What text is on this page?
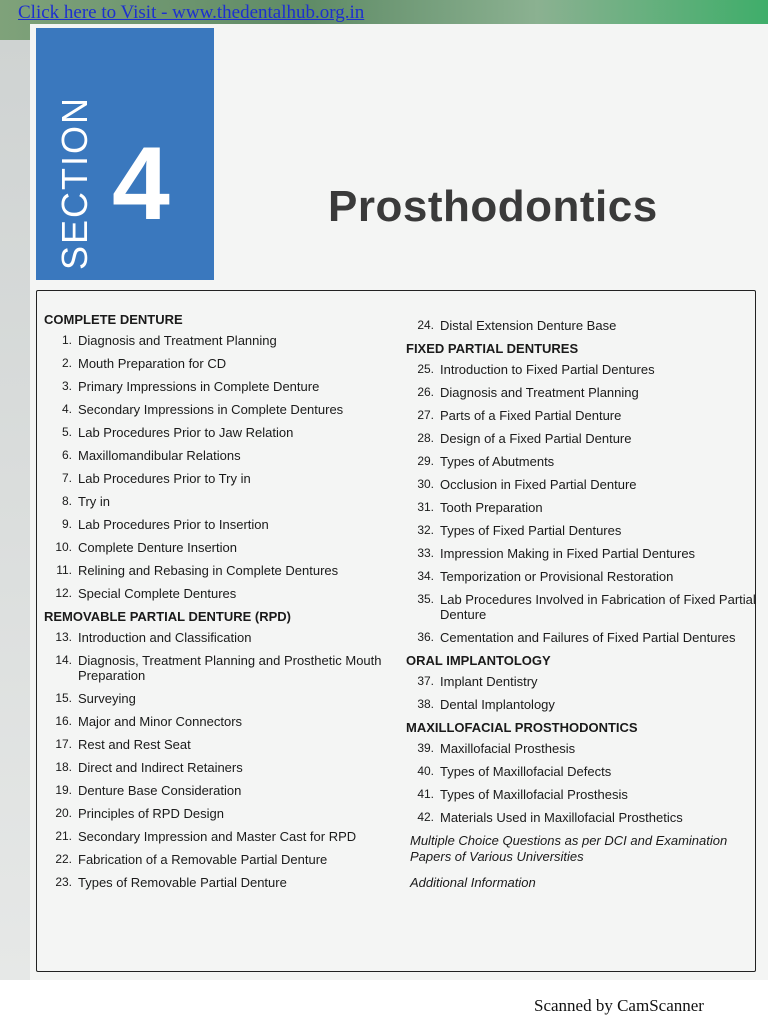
Click here to Visit - www.thedentalhub.org.in
SECTION 4	Prosthodontics
COMPLETE DENTURE
1. Diagnosis and Treatment Planning
2. Mouth Preparation for CD
3. Primary Impressions in Complete Denture
4. Secondary Impressions in Complete Dentures
5. Lab Procedures Prior to Jaw Relation
6. Maxillomandibular Relations
7. Lab Procedures Prior to Try in
8. Try in
9. Lab Procedures Prior to Insertion
10. Complete Denture Insertion
11. Relining and Rebasing in Complete Dentures
12. Special Complete Dentures
REMOVABLE PARTIAL DENTURE (RPD)
13. Introduction and Classification
14. Diagnosis, Treatment Planning and Prosthetic Mouth Preparation
15. Surveying
16. Major and Minor Connectors
17. Rest and Rest Seat
18. Direct and Indirect Retainers
19. Denture Base Consideration
20. Principles of RPD Design
21. Secondary Impression and Master Cast for RPD
22. Fabrication of a Removable Partial Denture
23. Types of Removable Partial Denture
24. Distal Extension Denture Base
FIXED PARTIAL DENTURES
25. Introduction to Fixed Partial Dentures
26. Diagnosis and Treatment Planning
27. Parts of a Fixed Partial Denture
28. Design of a Fixed Partial Denture
29. Types of Abutments
30. Occlusion in Fixed Partial Denture
31. Tooth Preparation
32. Types of Fixed Partial Dentures
33. Impression Making in Fixed Partial Dentures
34. Temporization or Provisional Restoration
35. Lab Procedures Involved in Fabrication of Fixed Partial Denture
36. Cementation and Failures of Fixed Partial Dentures
ORAL IMPLANTOLOGY
37. Implant Dentistry
38. Dental Implantology
MAXILLOFACIAL PROSTHODONTICS
39. Maxillofacial Prosthesis
40. Types of Maxillofacial Defects
41. Types of Maxillofacial Prosthesis
42. Materials Used in Maxillofacial Prosthetics
Multiple Choice Questions as per DCI and Examination Papers of Various Universities
Additional Information
Scanned by CamScanner
